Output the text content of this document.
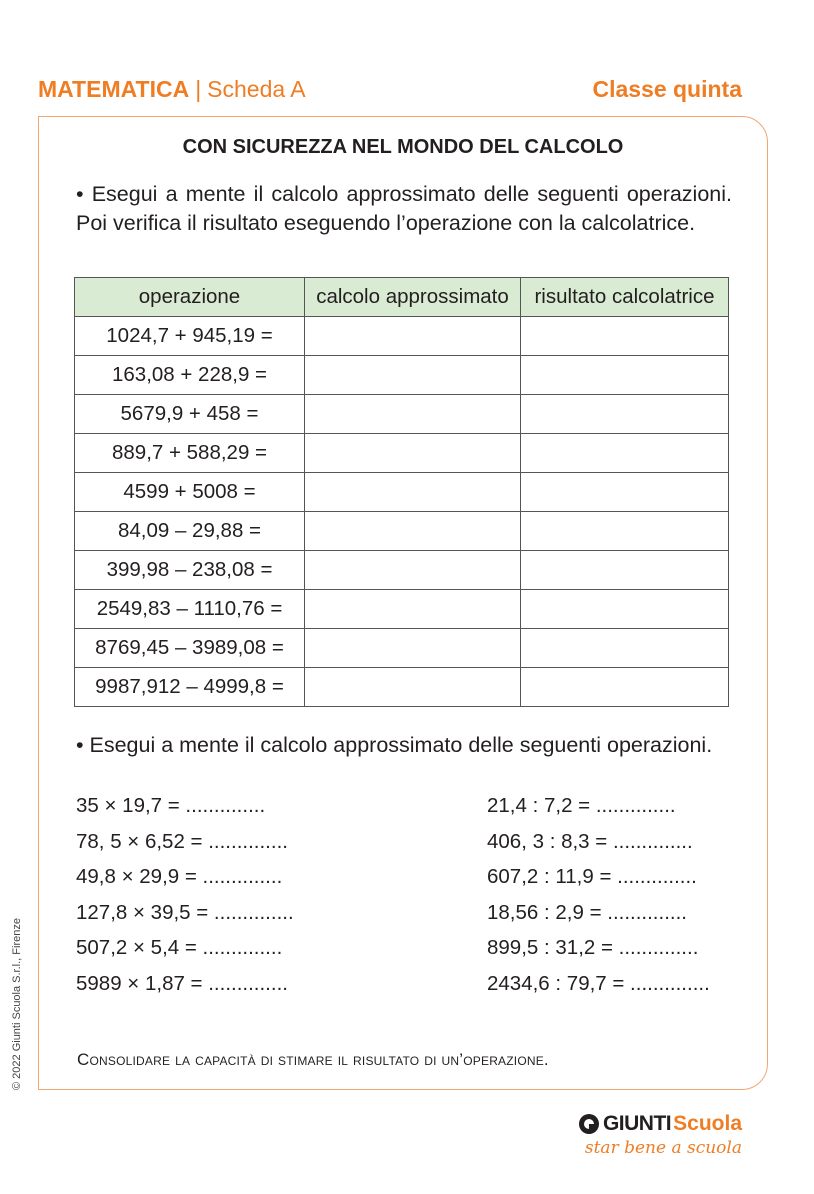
MATEMATICA | Scheda A	Classe quinta
CON SICUREZZA NEL MONDO DEL CALCOLO
• Esegui a mente il calcolo approssimato delle seguenti operazioni. Poi verifica il risultato eseguendo l’operazione con la calcolatrice.
operazione	calcolo approssimato	risultato calcolatrice
1024,7 + 945,19 =		
163,08 + 228,9 =		
5679,9 + 458 =		
889,7 + 588,29 =		
4599 + 5008 =		
84,09 – 29,88 =		
399,98 – 238,08 =		
2549,83 – 1110,76 =		
8769,45 – 3989,08 =		
9987,912 – 4999,8 =		
• Esegui a mente il calcolo approssimato delle seguenti operazioni.
35 × 19,7 = ..............
78, 5 × 6,52 = ..............
49,8 × 29,9 = ..............
127,8 × 39,5 = ..............
507,2 × 5,4 = ..............
5989 × 1,87 = ..............
21,4 : 7,2 = ..............
406, 3 : 8,3 = ..............
607,2 : 11,9 = ..............
18,56 : 2,9 = ..............
899,5 : 31,2 = ..............
2434,6 : 79,7 = ..............
Consolidare la capacità di stimare il risultato di un’operazione.
© 2022 Giunti Scuola S.r.l., Firenze
GIUNTI Scuola
star bene a scuola
